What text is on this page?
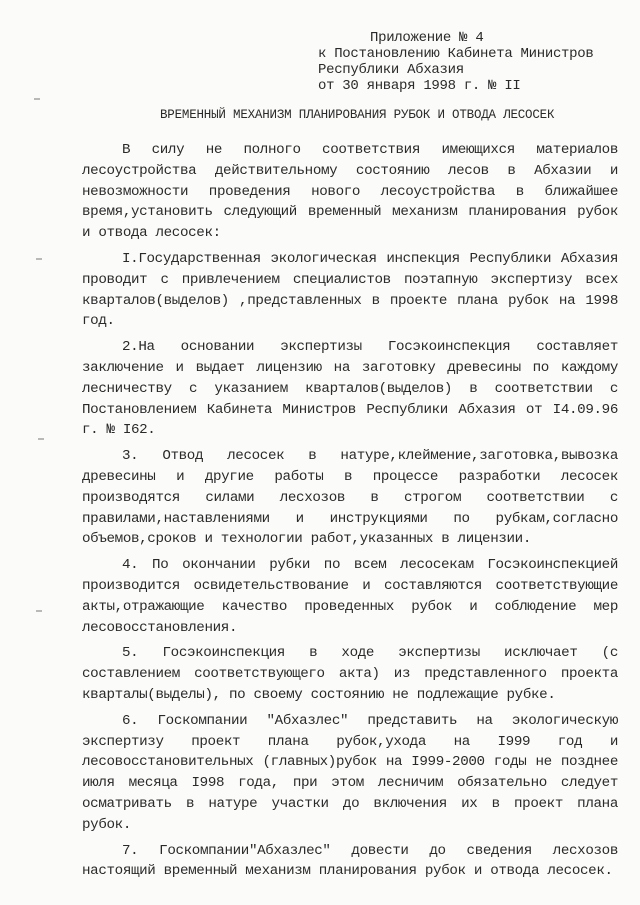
Приложение № 4
к Постановлению Кабинета Министров
Республики Абхазия
от 30 января 1998 г. № II
ВРЕМЕННЫЙ МЕХАНИЗМ ПЛАНИРОВАНИЯ РУБОК И ОТВОДА ЛЕСОСЕК

В силу не полного соответствия имеющихся материалов лесоустройства действительному состоянию лесов в Абхазии и невозможности проведения нового лесоустройства в ближайшее время,установить следующий временный механизм планирования рубок и отвода лесосек:

I.Государственная экологическая инспекция Республики Абхазия проводит с привлечением специалистов поэтапную экспертизу всех кварталов(выделов) ,представленных в проекте плана рубок на 1998 год.

2.На основании экспертизы Госэкоинспекция составляет заключение и выдает лицензию на заготовку древесины по каждому лесничеству с указанием кварталов(выделов) в соответствии с Постановлением Кабинета Министров Республики Абхазия от I4.09.96 г. № I62.

3. Отвод лесосек в натуре,клеймение,заготовка,вывозка древесины и другие работы в процессе разработки лесосек производятся силами лесхозов в строгом соответствии с правилами,наставлениями и инструкциями по рубкам,согласно объемов,сроков и технологии работ,указанных в лицензии.

4. По окончании рубки по всем лесосекам Госэкоинспекцией производится освидетельствование и составляются соответствующие акты,отражающие качество проведенных рубок и соблюдение мер лесовосстановления.

5. Госэкоинспекция в ходе экспертизы исключает (с составлением соответствующего акта) из представленного проекта кварталы(выделы), по своему состоянию не подлежащие рубке.

6. Госкомпании "Абхазлес" представить на экологическую экспертизу проект плана рубок,ухода на I999 год и лесовосстановительных (главных)рубок на I999-2000 годы не позднее июля месяца I998 года, при этом лесничим обязательно следует осматривать в натуре участки до включения их в проект плана рубок.

7. Госкомпании"Абхазлес" довести до сведения лесхозов настоящий временный механизм планирования рубок и отвода лесосек.
